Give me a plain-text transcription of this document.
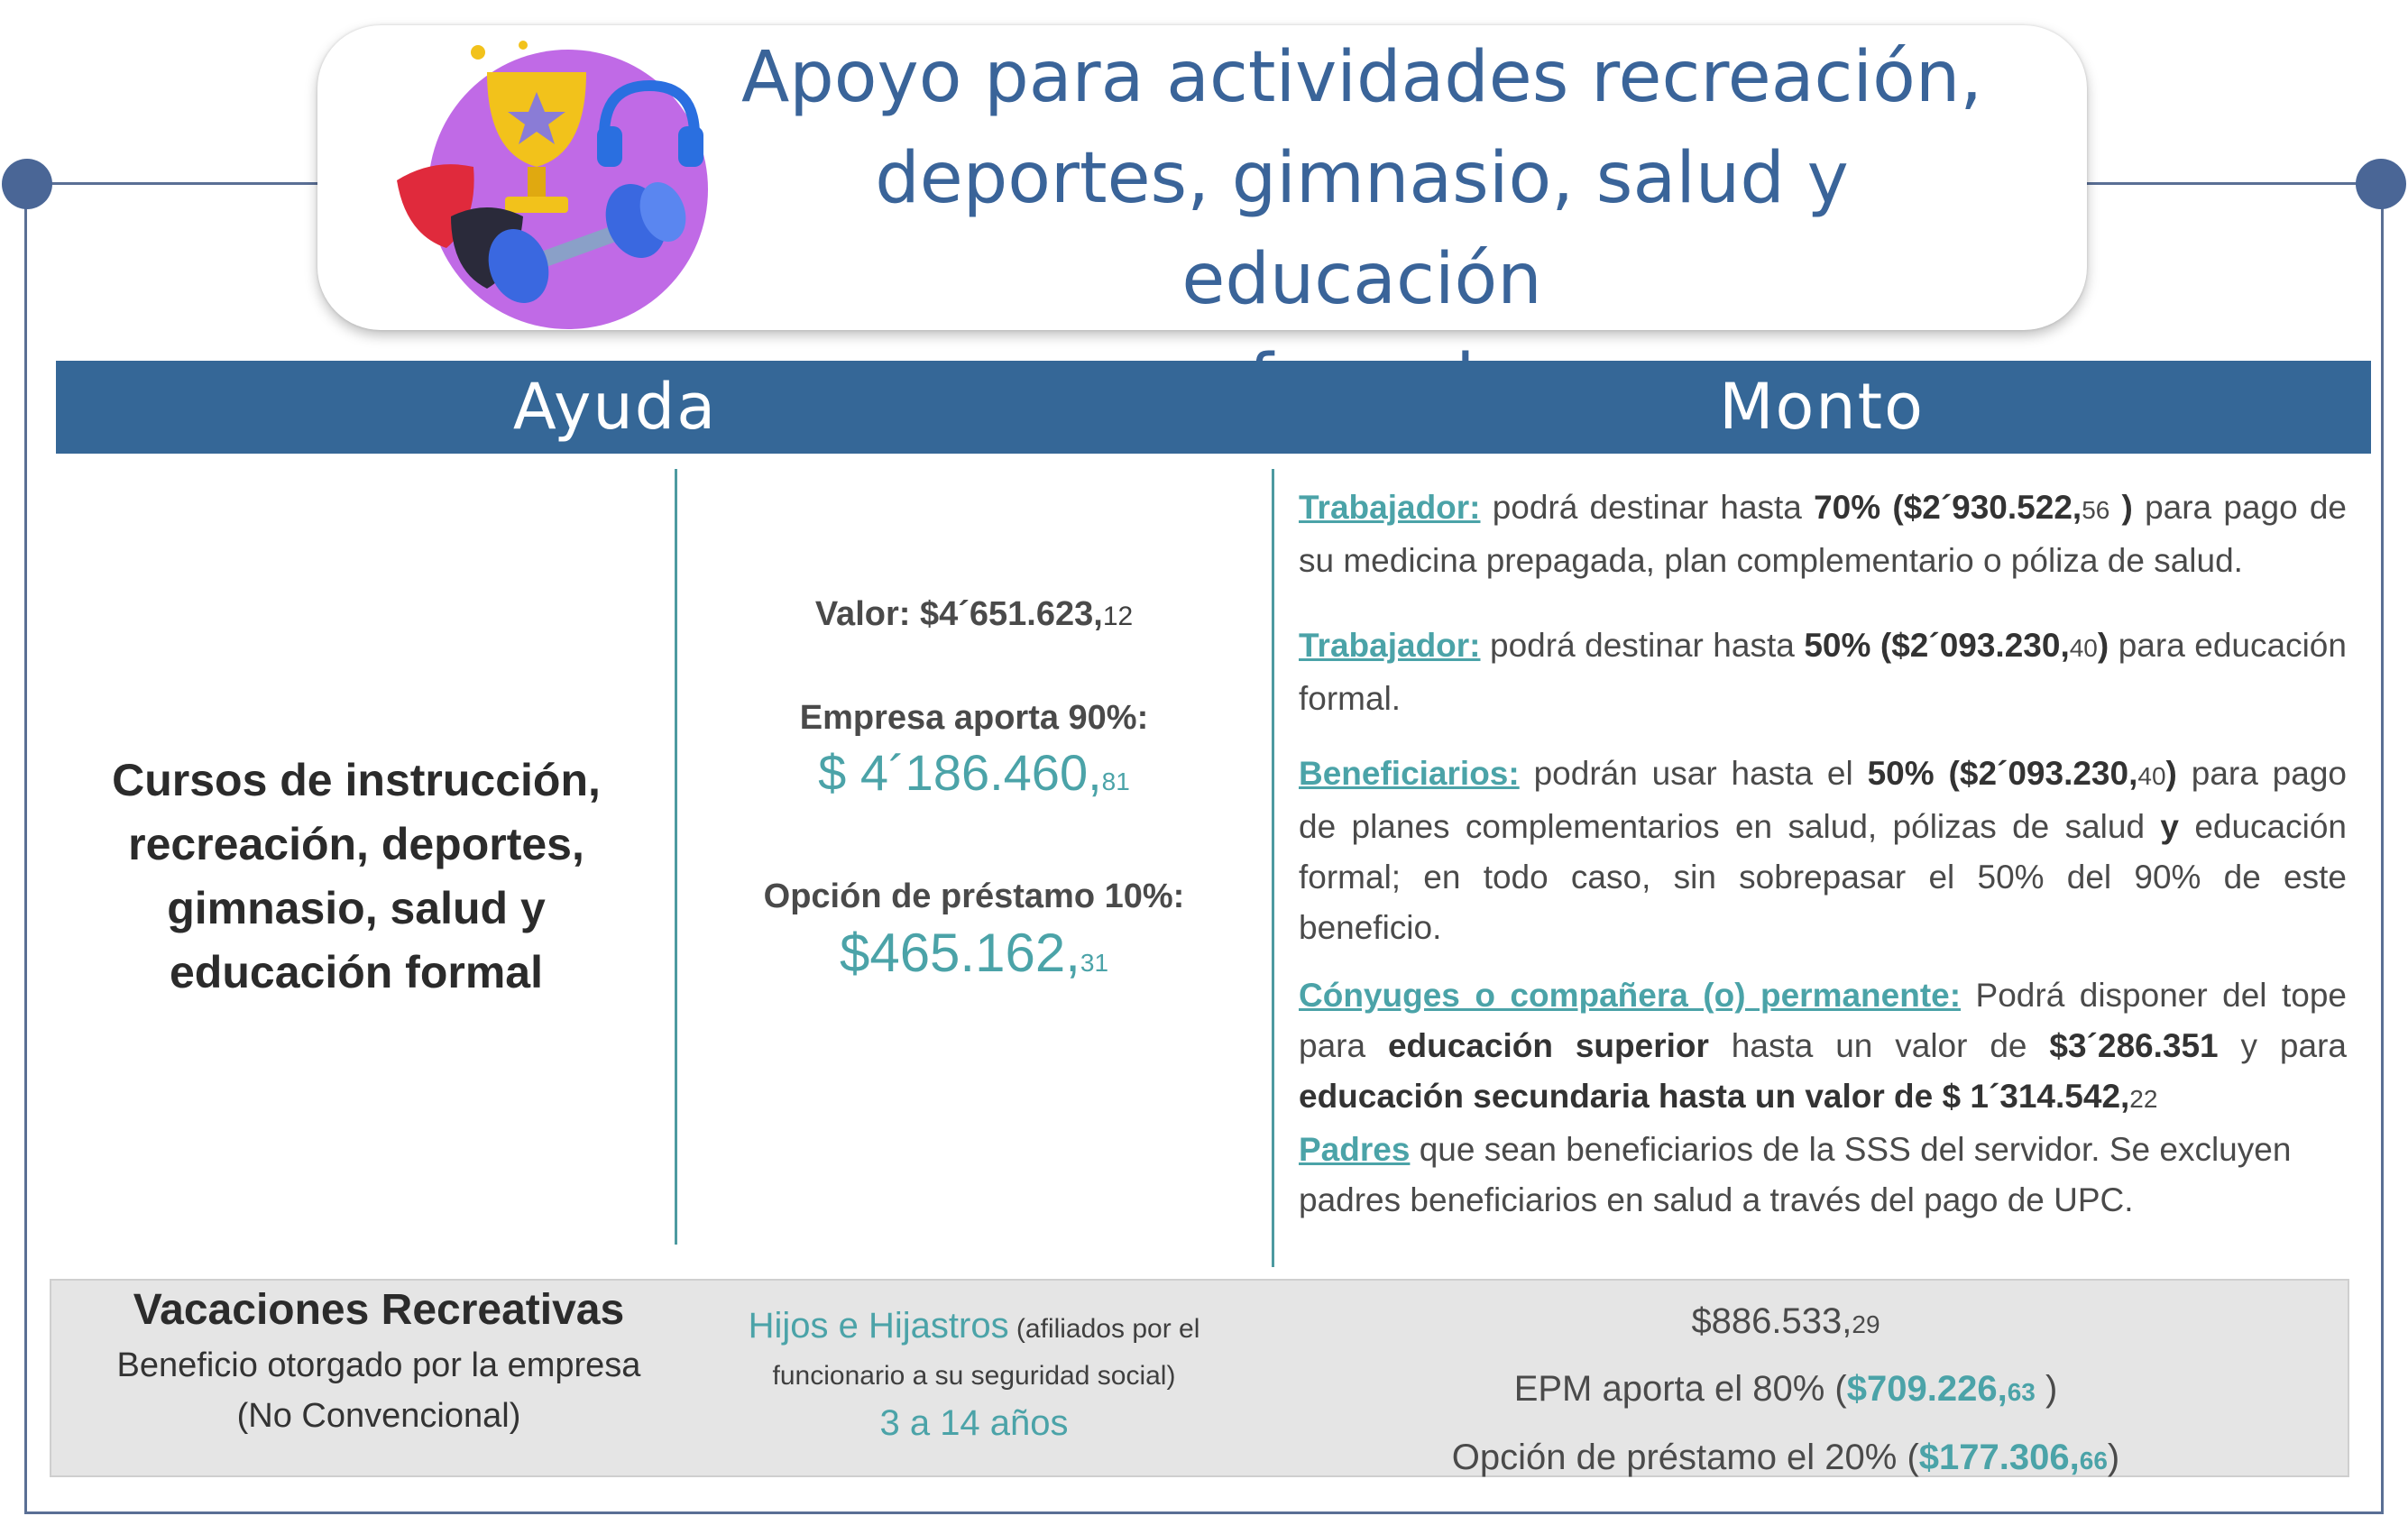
Apoyo para actividades recreación,
deportes, gimnasio, salud y educación
Ayuda	Monto
Cursos de instrucción,
recreación, deportes,
gimnasio, salud y
educación formal
Valor: $4´651.623,12
Empresa aporta 90%:
$ 4´186.460,81
Opción de préstamo 10%:
$465.162,31

Trabajador: podrá destinar hasta 70% ($2´930.522,56 ) para pago de su medicina prepagada, plan complementario o póliza de salud.

Trabajador: podrá destinar hasta 50% ($2´093.230,40) para educación formal.

Beneficiarios: podrán usar hasta el 50% ($2´093.230,40) para pago de planes complementarios en salud, pólizas de salud y educación formal; en todo caso, sin sobrepasar el 50% del 90% de este beneficio.

Cónyuges o compañera (o) permanente: Podrá disponer del tope para educación superior hasta un valor de $3´286.351 y para educación secundaria hasta un valor de $ 1´314.542,22

Padres que sean beneficiarios de la SSS del servidor. Se excluyen padres beneficiarios en salud a través del pago de UPC.

Vacaciones Recreativas
Beneficio otorgado por la empresa
(No Convencional)
Hijos e Hijastros (afiliados por el
funcionario a su seguridad social)
3 a 14 años
$886.533,29
EPM aporta el 80% ($709.226,63 )
Opción de préstamo el 20% ($177.306,66)
